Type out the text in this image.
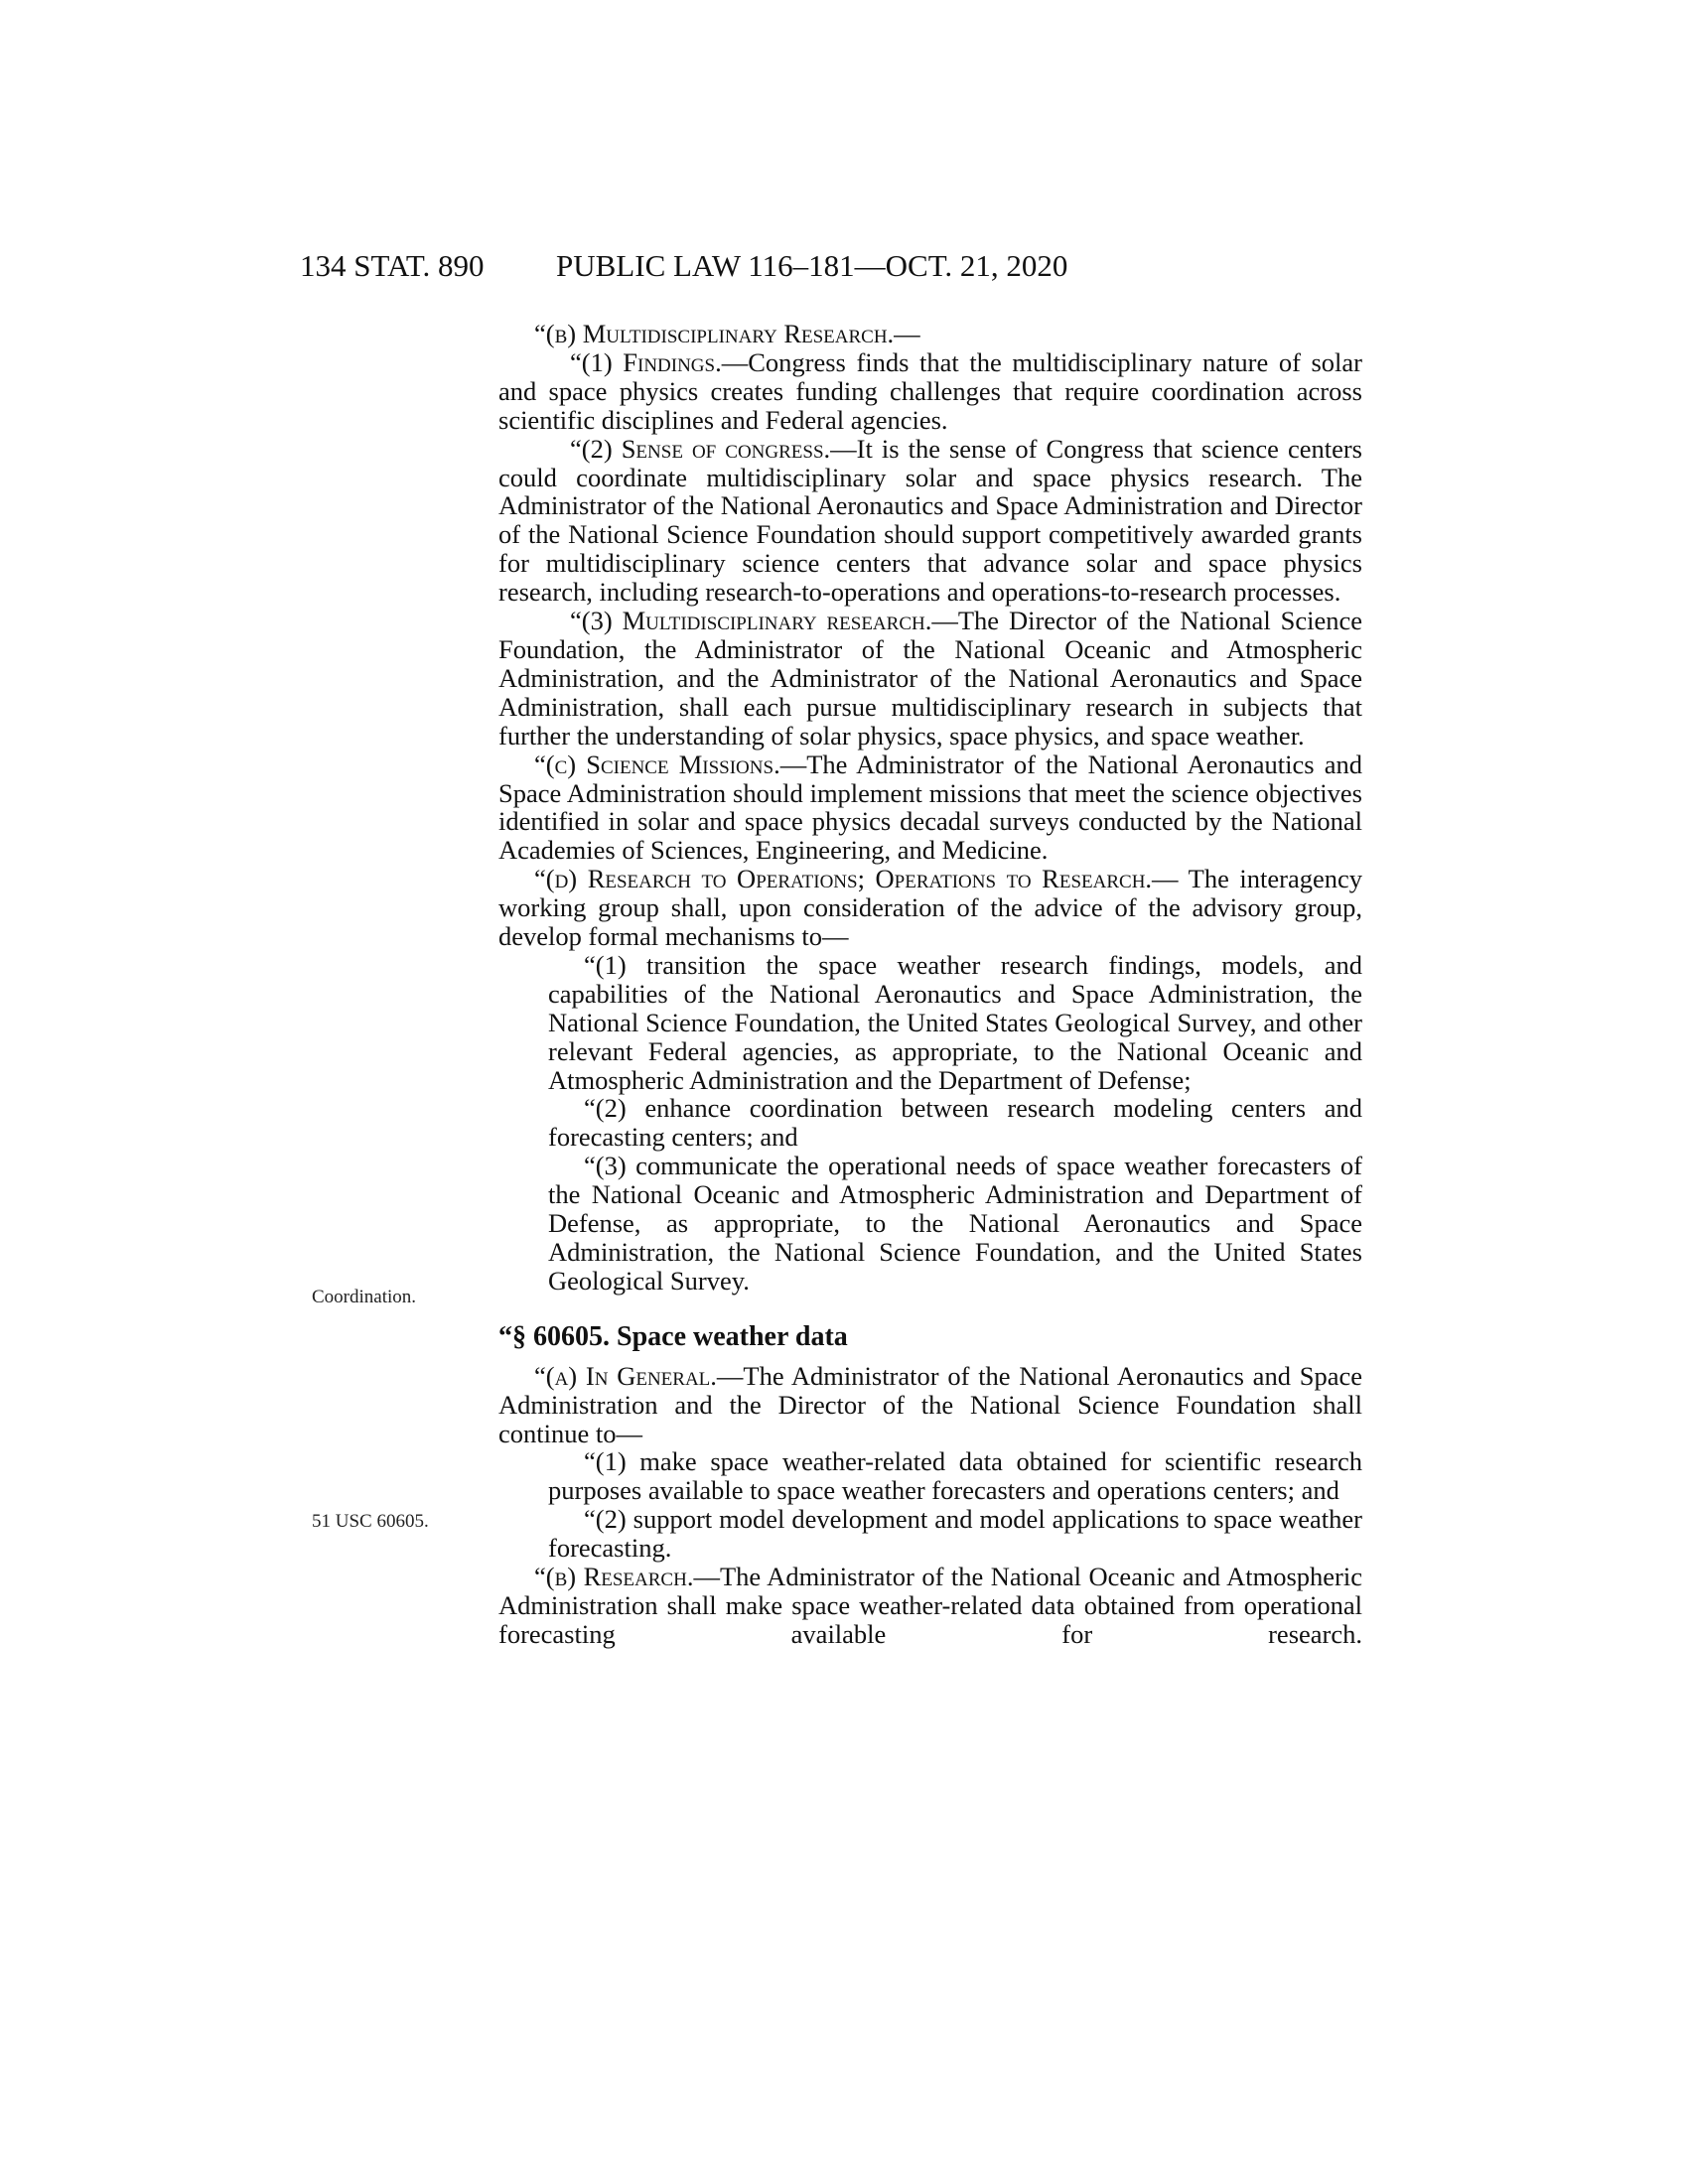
134 STAT. 890 PUBLIC LAW 116–181—OCT. 21, 2020
Coordination.
51 USC 60605.

“(b) Multidisciplinary Research.—

“(1) Findings.—Congress finds that the multidisciplinary nature of solar and space physics creates funding challenges that require coordination across scientific disciplines and Federal agencies.

“(2) Sense of congress.—It is the sense of Congress that science centers could coordinate multidisciplinary solar and space physics research. The Administrator of the National Aeronautics and Space Administration and Director of the National Science Foundation should support competitively awarded grants for multidisciplinary science centers that advance solar and space physics research, including research-to-operations and operations-to-research processes.

“(3) Multidisciplinary research.—The Director of the National Science Foundation, the Administrator of the National Oceanic and Atmospheric Administration, and the Administrator of the National Aeronautics and Space Administration, shall each pursue multidisciplinary research in subjects that further the understanding of solar physics, space physics, and space weather.

“(c) Science Missions.—The Administrator of the National Aeronautics and Space Administration should implement missions that meet the science objectives identified in solar and space physics decadal surveys conducted by the National Academies of Sciences, Engineering, and Medicine.

“(d) Research to Operations; Operations to Research.— The interagency working group shall, upon consideration of the advice of the advisory group, develop formal mechanisms to—

“(1) transition the space weather research findings, models, and capabilities of the National Aeronautics and Space Administration, the National Science Foundation, the United States Geological Survey, and other relevant Federal agencies, as appropriate, to the National Oceanic and Atmospheric Administration and the Department of Defense;

“(2) enhance coordination between research modeling centers and forecasting centers; and

“(3) communicate the operational needs of space weather forecasters of the National Oceanic and Atmospheric Administration and Department of Defense, as appropriate, to the National Aeronautics and Space Administration, the National Science Foundation, and the United States Geological Survey.

“§ 60605. Space weather data

“(a) In General.—The Administrator of the National Aeronautics and Space Administration and the Director of the National Science Foundation shall continue to—

“(1) make space weather-related data obtained for scientific research purposes available to space weather forecasters and operations centers; and

“(2) support model development and model applications to space weather forecasting.

“(b) Research.—The Administrator of the National Oceanic and Atmospheric Administration shall make space weather-related data obtained from operational forecasting available for research.
